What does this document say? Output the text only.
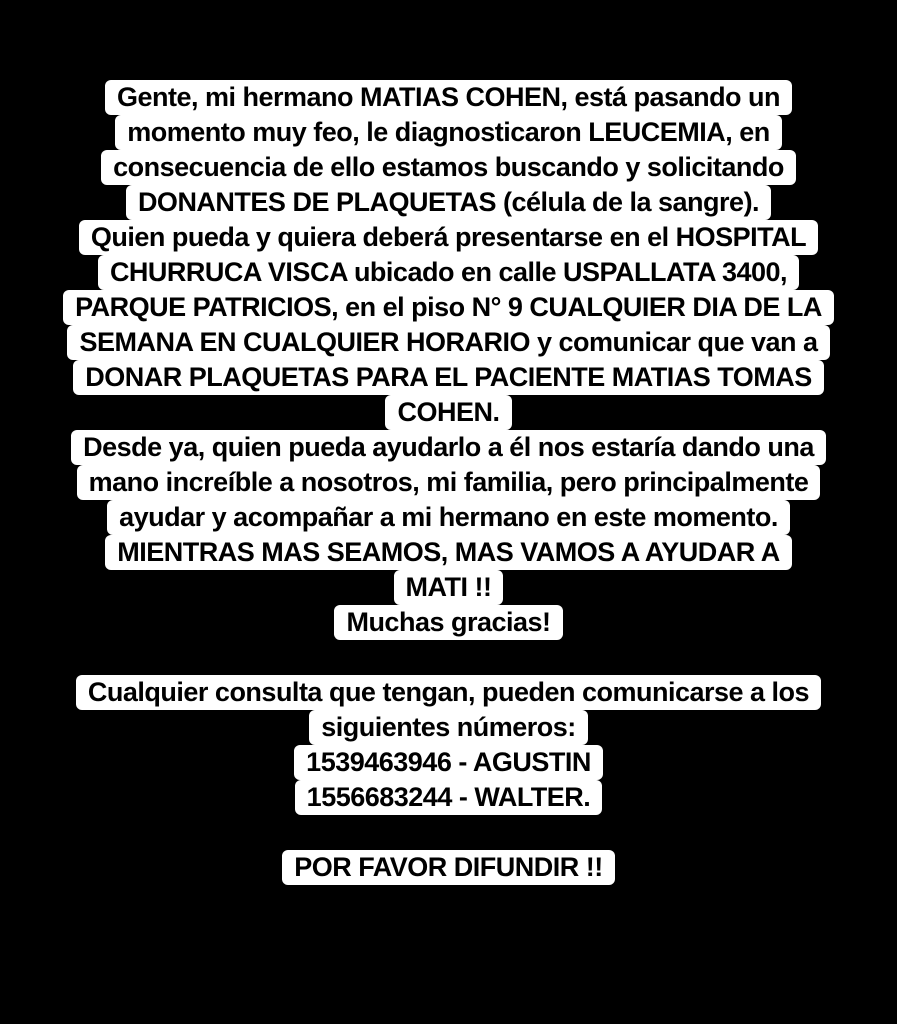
Gente, mi hermano MATIAS COHEN, está pasando un
momento muy feo, le diagnosticaron LEUCEMIA, en
consecuencia de ello estamos buscando y solicitando
DONANTES DE PLAQUETAS (célula de la sangre).
Quien pueda y quiera deberá presentarse en el HOSPITAL
CHURRUCA VISCA ubicado en calle USPALLATA 3400,
PARQUE PATRICIOS, en el piso N° 9 CUALQUIER DIA DE LA
SEMANA EN CUALQUIER HORARIO y comunicar que van a
DONAR PLAQUETAS PARA EL PACIENTE MATIAS TOMAS
COHEN.
Desde ya, quien pueda ayudarlo a él nos estaría dando una
mano increíble a nosotros, mi familia, pero principalmente
ayudar y acompañar a mi hermano en este momento.
MIENTRAS MAS SEAMOS, MAS VAMOS A AYUDAR A
MATI !!
Muchas gracias!
Cualquier consulta que tengan, pueden comunicarse a los
siguientes números:
1539463946 - AGUSTIN
1556683244 - WALTER.
POR FAVOR DIFUNDIR !!
